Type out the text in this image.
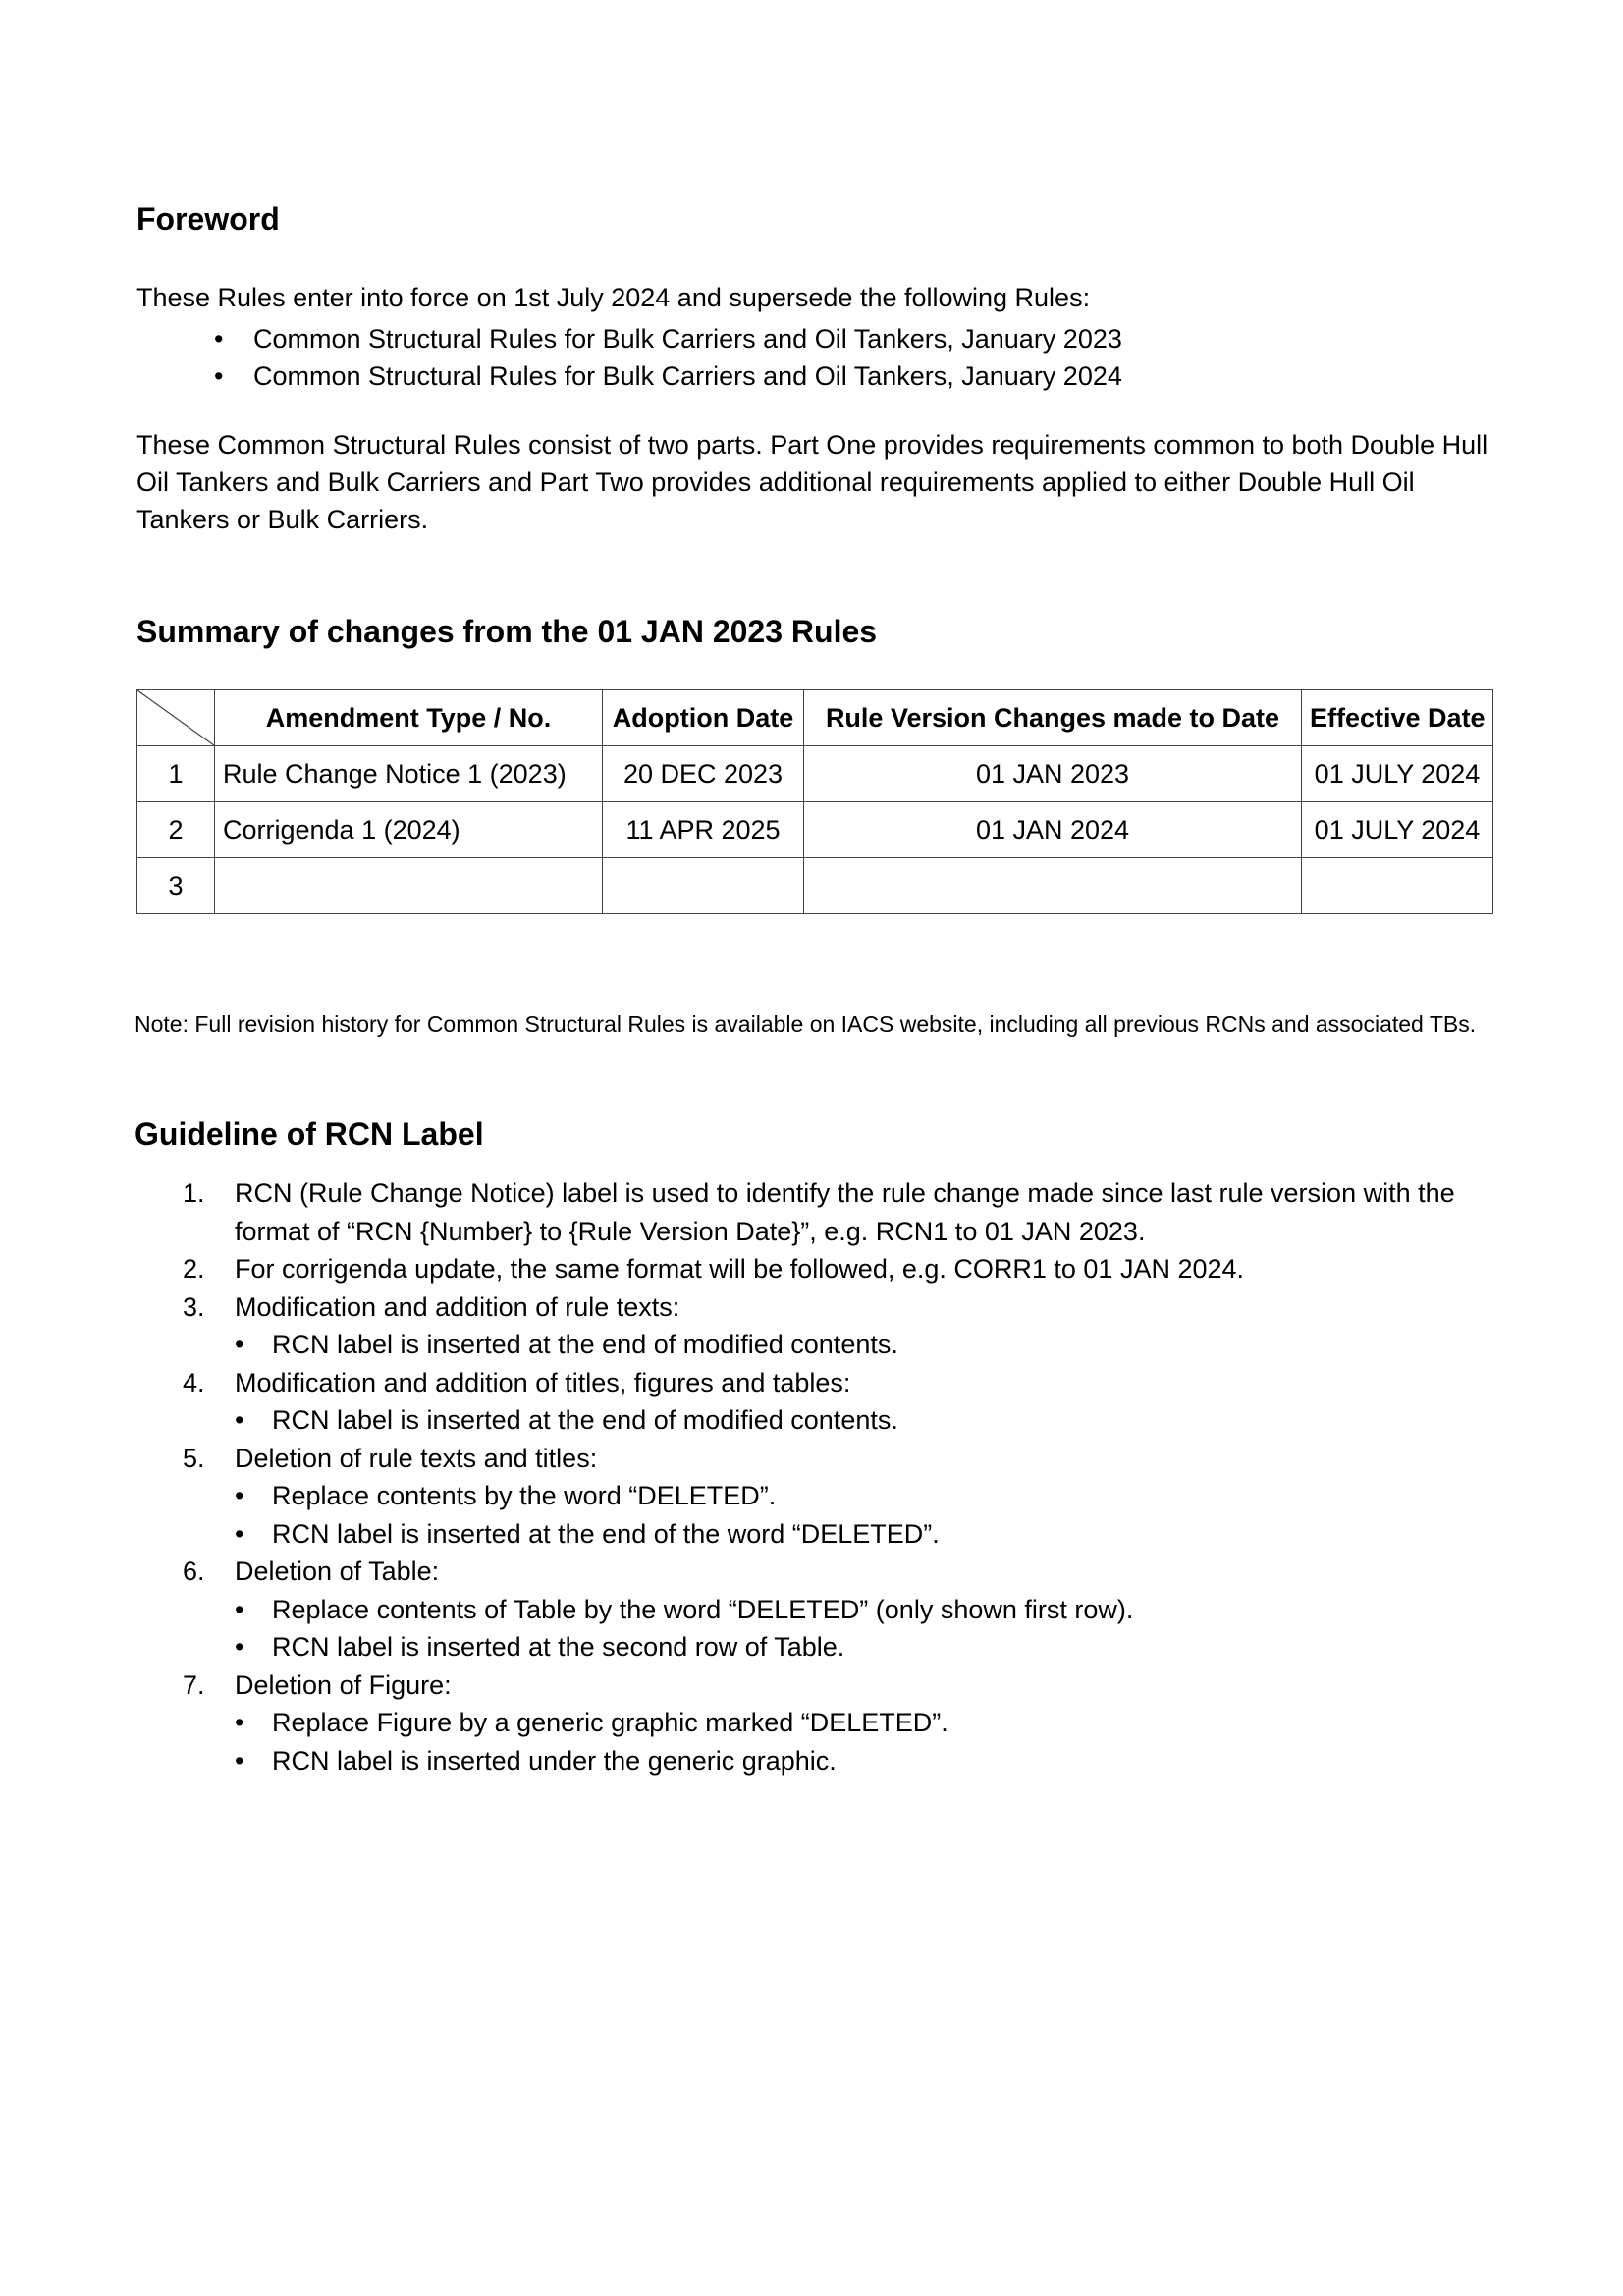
Foreword

These Rules enter into force on 1st July 2024 and supersede the following Rules:

• Common Structural Rules for Bulk Carriers and Oil Tankers, January 2023
• Common Structural Rules for Bulk Carriers and Oil Tankers, January 2024

These Common Structural Rules consist of two parts. Part One provides requirements common to both Double Hull Oil Tankers and Bulk Carriers and Part Two provides additional requirements applied to either Double Hull Oil Tankers or Bulk Carriers.

Summary of changes from the 01 JAN 2023 Rules
	Amendment Type / No.	Adoption Date	Rule Version Changes made to Date	Effective Date
1	Rule Change Notice 1 (2023)	20 DEC 2023	01 JAN 2023	01 JULY 2024
2	Corrigenda 1 (2024)	11 APR 2025	01 JAN 2024	01 JULY 2024
3				

Note: Full revision history for Common Structural Rules is available on IACS website, including all previous RCNs and associated TBs.

Guideline of RCN Label
1. RCN (Rule Change Notice) label is used to identify the rule change made since last rule version with the format of “RCN {Number} to {Rule Version Date}”, e.g. RCN1 to 01 JAN 2023.
2. For corrigenda update, the same format will be followed, e.g. CORR1 to 01 JAN 2024.
3. Modification and addition of rule texts:
• RCN label is inserted at the end of modified contents.
4. Modification and addition of titles, figures and tables:
• RCN label is inserted at the end of modified contents.
5. Deletion of rule texts and titles:
• Replace contents by the word “DELETED”.
• RCN label is inserted at the end of the word “DELETED”.
6. Deletion of Table:
• Replace contents of Table by the word “DELETED” (only shown first row).
• RCN label is inserted at the second row of Table.
7. Deletion of Figure:
• Replace Figure by a generic graphic marked “DELETED”.
• RCN label is inserted under the generic graphic.
